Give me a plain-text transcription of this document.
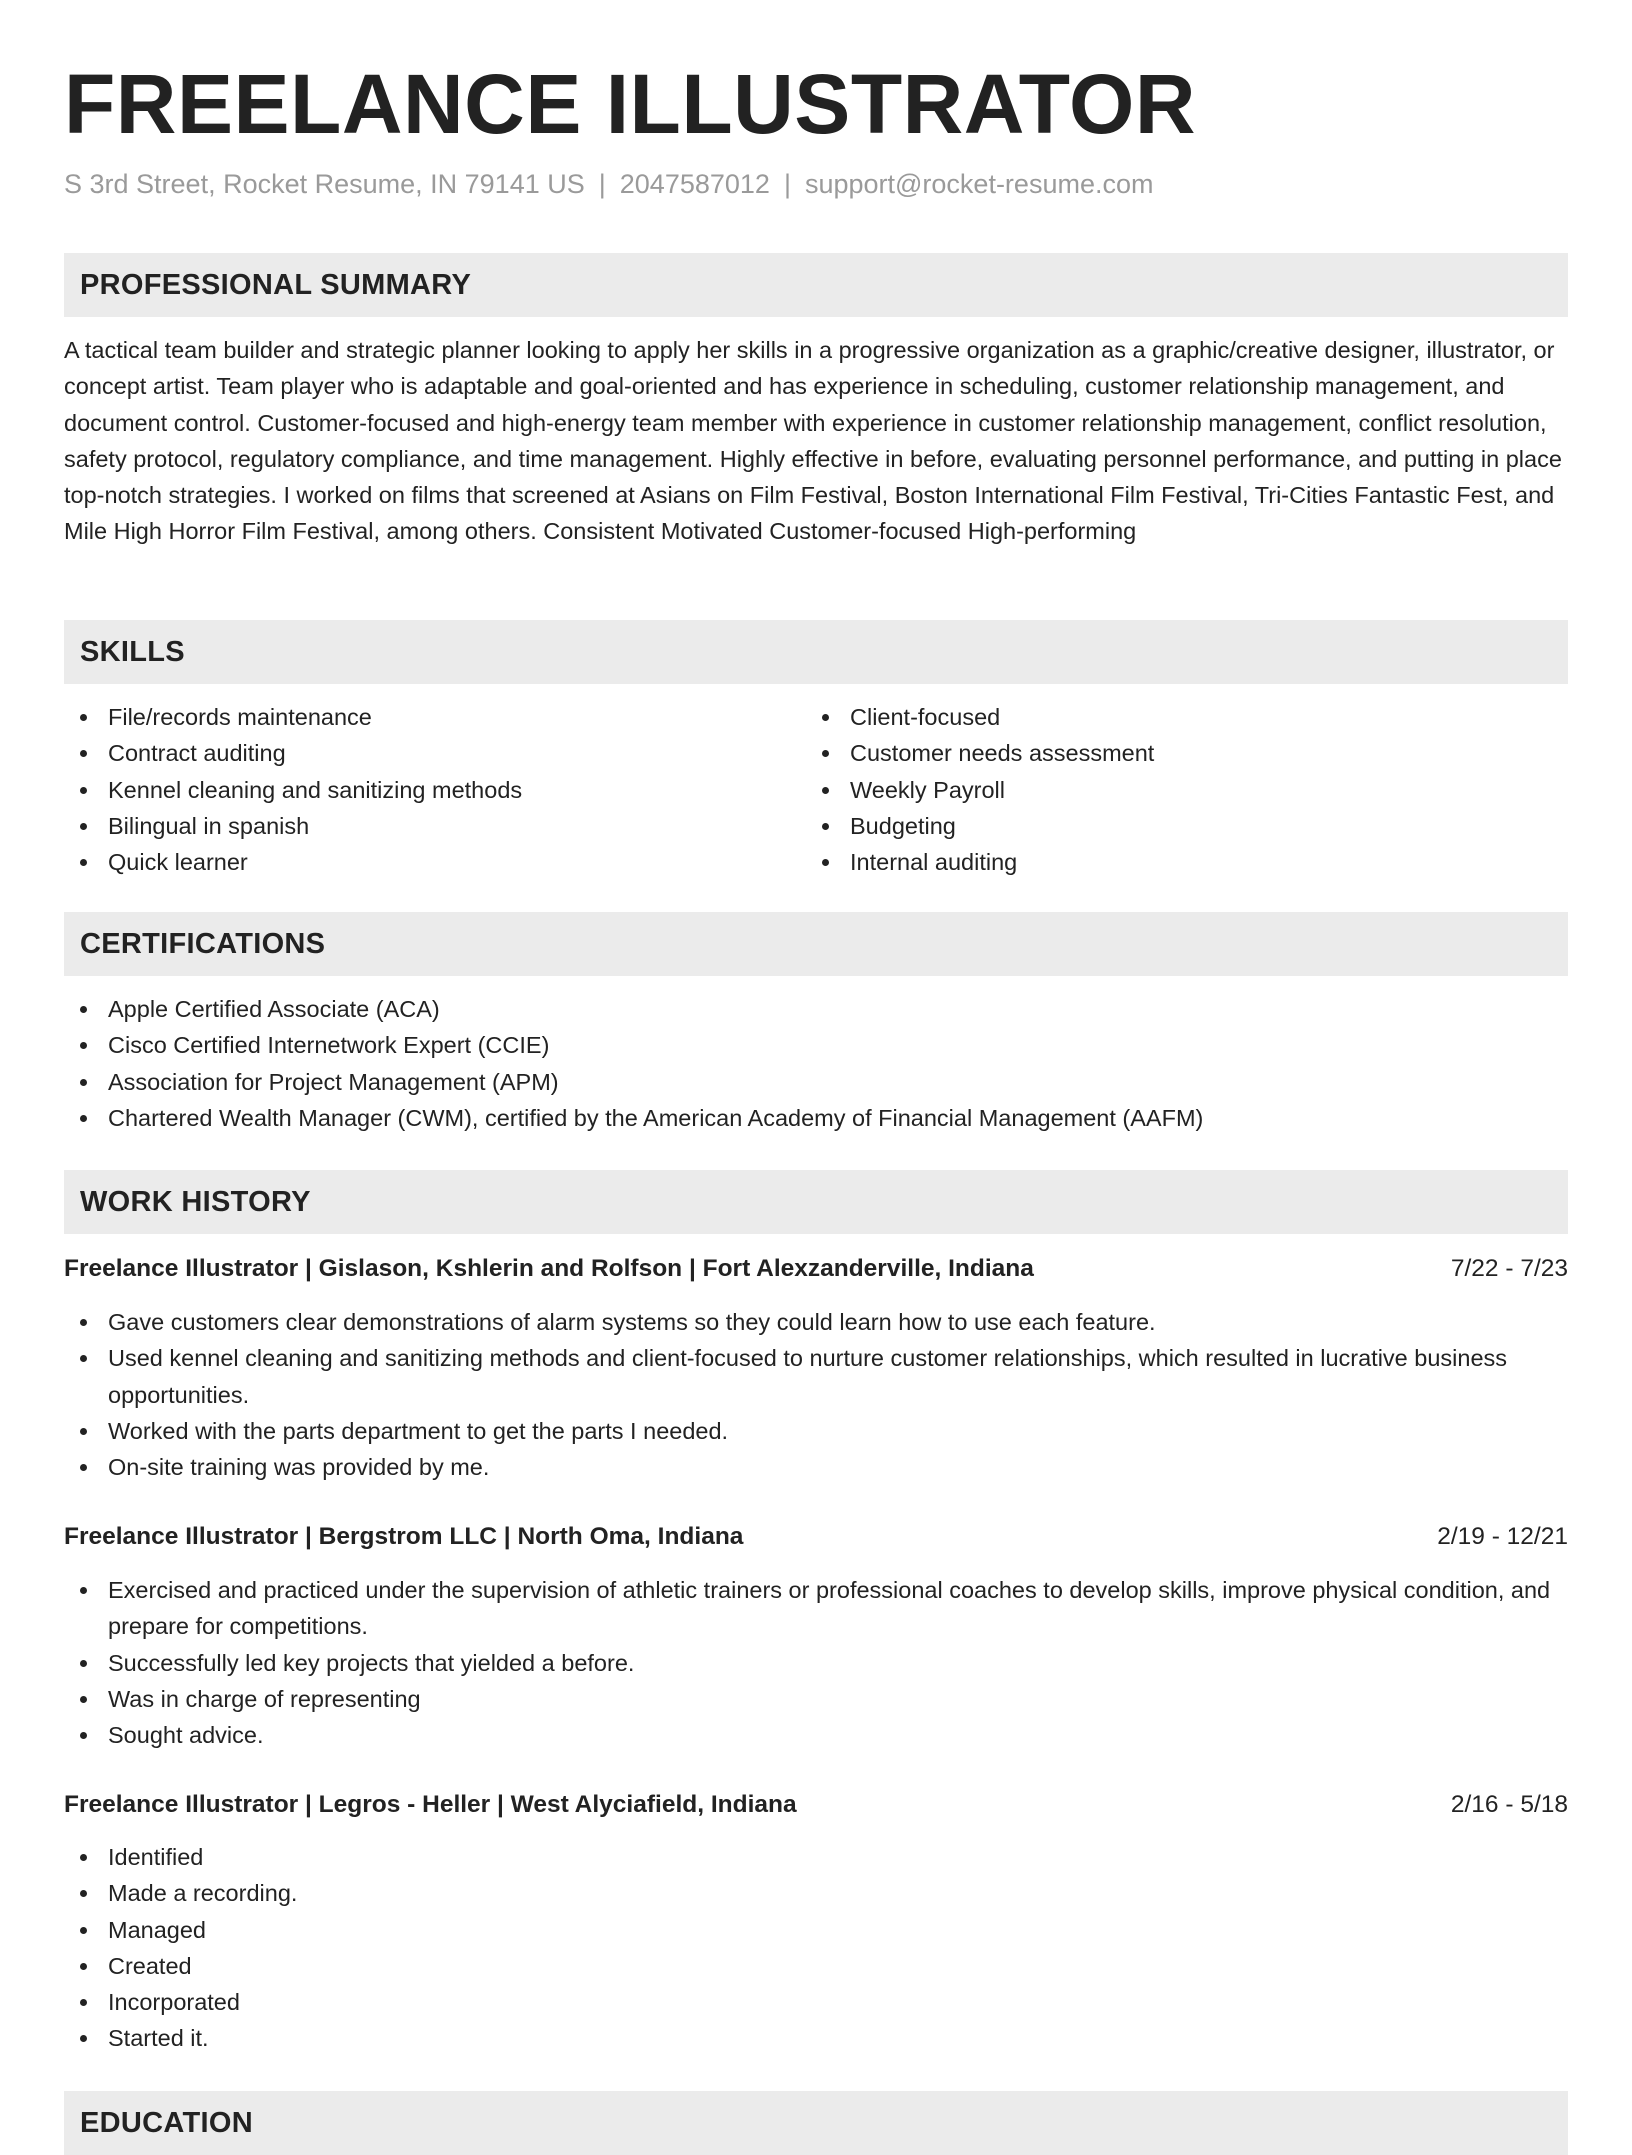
FREELANCE ILLUSTRATOR
S 3rd Street, Rocket Resume, IN 79141 US | 2047587012 | support@rocket-resume.com
PROFESSIONAL SUMMARY

A tactical team builder and strategic planner looking to apply her skills in a progressive organization as a graphic/creative designer, illustrator, or concept artist. Team player who is adaptable and goal-oriented and has experience in scheduling, customer relationship management, and document control. Customer-focused and high-energy team member with experience in customer relationship management, conflict resolution, safety protocol, regulatory compliance, and time management. Highly effective in before, evaluating personnel performance, and putting in place top-notch strategies. I worked on films that screened at Asians on Film Festival, Boston International Film Festival, Tri-Cities Fantastic Fest, and Mile High Horror Film Festival, among others. Consistent Motivated Customer-focused High-performing

SKILLS
File/records maintenance
Contract auditing
Kennel cleaning and sanitizing methods
Bilingual in spanish
Quick learner
Client-focused
Customer needs assessment
Weekly Payroll
Budgeting
Internal auditing
CERTIFICATIONS
Apple Certified Associate (ACA)
Cisco Certified Internetwork Expert (CCIE)
Association for Project Management (APM)
Chartered Wealth Manager (CWM), certified by the American Academy of Financial Management (AAFM)
WORK HISTORY
Freelance Illustrator | Gislason, Kshlerin and Rolfson | Fort Alexzanderville, Indiana	7/22 - 7/23
Gave customers clear demonstrations of alarm systems so they could learn how to use each feature.
Used kennel cleaning and sanitizing methods and client-focused to nurture customer relationships, which resulted in lucrative business opportunities.
Worked with the parts department to get the parts I needed.
On-site training was provided by me.
Freelance Illustrator | Bergstrom LLC | North Oma, Indiana	2/19 - 12/21
Exercised and practiced under the supervision of athletic trainers or professional coaches to develop skills, improve physical condition, and prepare for competitions.
Successfully led key projects that yielded a before.
Was in charge of representing
Sought advice.
Freelance Illustrator | Legros - Heller | West Alyciafield, Indiana	2/16 - 5/18
Identified
Made a recording.
Managed
Created
Incorporated
Started it.
EDUCATION
